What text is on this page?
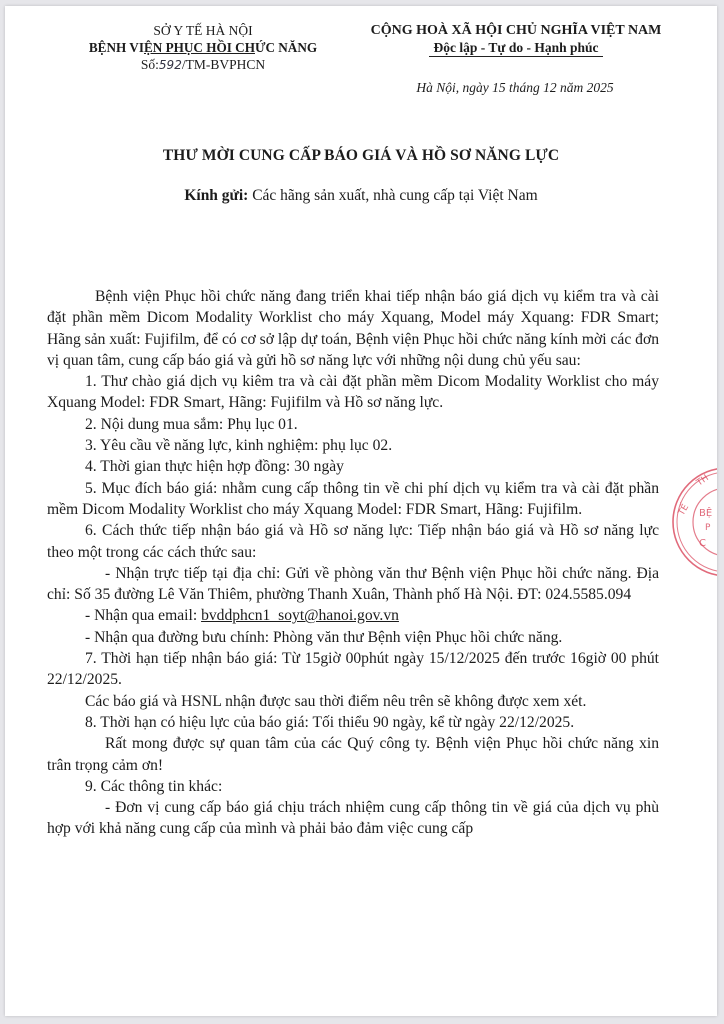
SỞ Y TẾ HÀ NỘI
BỆNH VIỆN PHỤC HỒI CHỨC NĂNG
Số:592/TM-BVPHCN
CỘNG HOÀ XÃ HỘI CHỦ NGHĨA VIỆT NAM
Độc lập - Tự do - Hạnh phúc
Hà Nội, ngày 15 tháng 12 năm 2025
THƯ MỜI CUNG CẤP BÁO GIÁ VÀ HỒ SƠ NĂNG LỰC
Kính gửi: Các hãng sản xuất, nhà cung cấp tại Việt Nam

Bệnh viện Phục hồi chức năng đang triển khai tiếp nhận báo giá dịch vụ kiểm tra và cài đặt phần mềm Dicom Modality Worklist cho máy Xquang, Model máy Xquang: FDR Smart; Hãng sản xuất: Fujifilm, để có cơ sở lập dự toán, Bệnh viện Phục hồi chức năng kính mời các đơn vị quan tâm, cung cấp báo giá và gửi hồ sơ năng lực với những nội dung chủ yếu sau:

1. Thư chào giá dịch vụ kiêm tra và cài đặt phần mềm Dicom Modality Worklist cho máy Xquang Model: FDR Smart, Hãng: Fujifilm và Hồ sơ năng lực.

2. Nội dung mua sắm: Phụ lục 01.

3. Yêu cầu về năng lực, kinh nghiệm: phụ lục 02.

4. Thời gian thực hiện hợp đồng: 30 ngày

5. Mục đích báo giá: nhằm cung cấp thông tin về chi phí dịch vụ kiểm tra và cài đặt phần mềm Dicom Modality Worklist cho máy Xquang Model: FDR Smart, Hãng: Fujifilm.

6. Cách thức tiếp nhận báo giá và Hồ sơ năng lực: Tiếp nhận báo giá và Hồ sơ năng lực theo một trong các cách thức sau:

- Nhận trực tiếp tại địa chỉ: Gửi về phòng văn thư Bệnh viện Phục hồi chức năng. Địa chỉ: Số 35 đường Lê Văn Thiêm, phường Thanh Xuân, Thành phố Hà Nội. ĐT: 024.5585.094

- Nhận qua email: bvddphcn1_soyt@hanoi.gov.vn

- Nhận qua đường bưu chính: Phòng văn thư Bệnh viện Phục hồi chức năng.

7. Thời hạn tiếp nhận báo giá: Từ 15giờ 00phút ngày 15/12/2025 đến trước 16giờ 00 phút 22/12/2025.

Các báo giá và HSNL nhận được sau thời điểm nêu trên sẽ không được xem xét.

8. Thời hạn có hiệu lực của báo giá: Tối thiểu 90 ngày, kể từ ngày 22/12/2025.

Rất mong được sự quan tâm của các Quý công ty. Bệnh viện Phục hồi chức năng xin trân trọng cảm ơn!

9. Các thông tin khác:

- Đơn vị cung cấp báo giá chịu trách nhiệm cung cấp thông tin về giá của dịch vụ phù hợp với khả năng cung cấp của mình và phải bảo đảm việc cung cấp

TẾ
TH
BỆ
P
C
